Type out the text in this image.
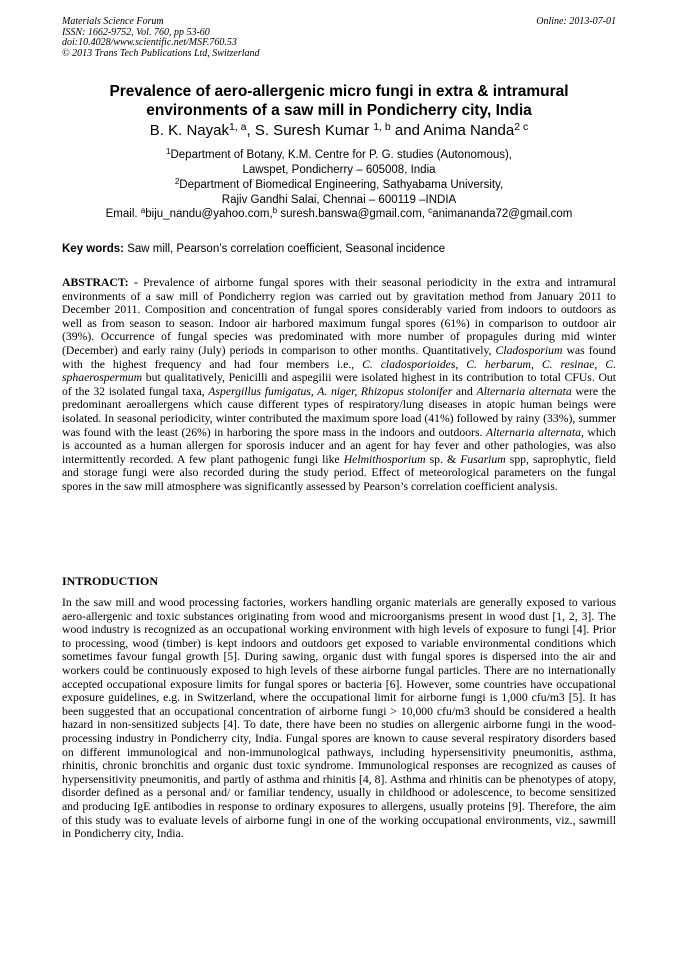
Materials Science Forum
ISSN: 1662-9752, Vol. 760, pp 53-60
doi:10.4028/www.scientific.net/MSF.760.53
© 2013 Trans Tech Publications Ltd, Switzerland
Online: 2013-07-01
Prevalence of aero-allergenic micro fungi in extra & intramural environments of a saw mill in Pondicherry city, India
B. K. Nayak$^{1, a}$, S. Suresh Kumar $^{1, b}$ and Anima Nanda$^{2 c}$
$^1$Department of Botany, K.M. Centre for P. G. studies (Autonomous),
Lawspet, Pondicherry – 605008, India
$^2$Department of Biomedical Engineering, Sathyabama University,
Rajiv Gandhi Salai, Chennai – 600119 –INDIA
Email. $^a$biju_nandu@yahoo.com,$^b$ suresh.banswa@gmail.com, $^c$animananda72@gmail.com
Key words: Saw mill, Pearson’s correlation coefficient, Seasonal incidence

ABSTRACT: - Prevalence of airborne fungal spores with their seasonal periodicity in the extra and intramural environments of a saw mill of Pondicherry region was carried out by gravitation method from January 2011 to December 2011. Composition and concentration of fungal spores considerably varied from indoors to outdoors as well as from season to season. Indoor air harbored maximum fungal spores (61%) in comparison to outdoor air (39%). Occurrence of fungal species was predominated with more number of propagules during mid winter (December) and early rainy (July) periods in comparison to other months. Quantitatively, Cladosporium was found with the highest frequency and had four members i.e., C. cladosporioides, C. herbarum, C. resinae, C. sphaerospermum but qualitatively, Penicilli and aspegilii were isolated highest in its contribution to total CFUs. Out of the 32 isolated fungal taxa, Aspergillus fumigatus, A. niger, Rhizopus stolonifer and Alternaria alternata were the predominant aeroallergens which cause different types of respiratory/lung diseases in atopic human beings were isolated. In seasonal periodicity, winter contributed the maximum spore load (41%) followed by rainy (33%), summer was found with the least (26%) in harboring the spore mass in the indoors and outdoors. Alternaria alternata, which is accounted as a human allergen for sporosis inducer and an agent for hay fever and other pathologies, was also intermittently recorded. A few plant pathogenic fungi like Helmithosporium sp. & Fusarium spp, saprophytic, field and storage fungi were also recorded during the study period. Effect of meteorological parameters on the fungal spores in the saw mill atmosphere was significantly assessed by Pearson’s correlation coefficient analysis.

INTRODUCTION

In the saw mill and wood processing factories, workers handling organic materials are generally exposed to various aero-allergenic and toxic substances originating from wood and microorganisms present in wood dust [1, 2, 3]. The wood industry is recognized as an occupational working environment with high levels of exposure to fungi [4]. Prior to processing, wood (timber) is kept indoors and outdoors get exposed to variable environmental conditions which sometimes favour fungal growth [5]. During sawing, organic dust with fungal spores is dispersed into the air and workers could be continuously exposed to high levels of these airborne fungal particles. There are no internationally accepted occupational exposure limits for fungal spores or bacteria [6]. However, some countries have occupational exposure guidelines, e.g. in Switzerland, where the occupational limit for airborne fungi is 1,000 cfu/m3 [5]. It has been suggested that an occupational concentration of airborne fungi > 10,000 cfu/m3 should be considered a health hazard in non-sensitized subjects [4]. To date, there have been no studies on allergenic airborne fungi in the wood-processing industry in Pondicherry city, India. Fungal spores are known to cause several respiratory disorders based on different immunological and non-immunological pathways, including hypersensitivity pneumonitis, asthma, rhinitis, chronic bronchitis and organic dust toxic syndrome. Immunological responses are recognized as causes of hypersensitivity pneumonitis, and partly of asthma and rhinitis [4, 8]. Asthma and rhinitis can be phenotypes of atopy, disorder defined as a personal and/ or familiar tendency, usually in childhood or adolescence, to become sensitized and producing IgE antibodies in response to ordinary exposures to allergens, usually proteins [9]. Therefore, the aim of this study was to evaluate levels of airborne fungi in one of the working occupational environments, viz., sawmill in Pondicherry city, India.
